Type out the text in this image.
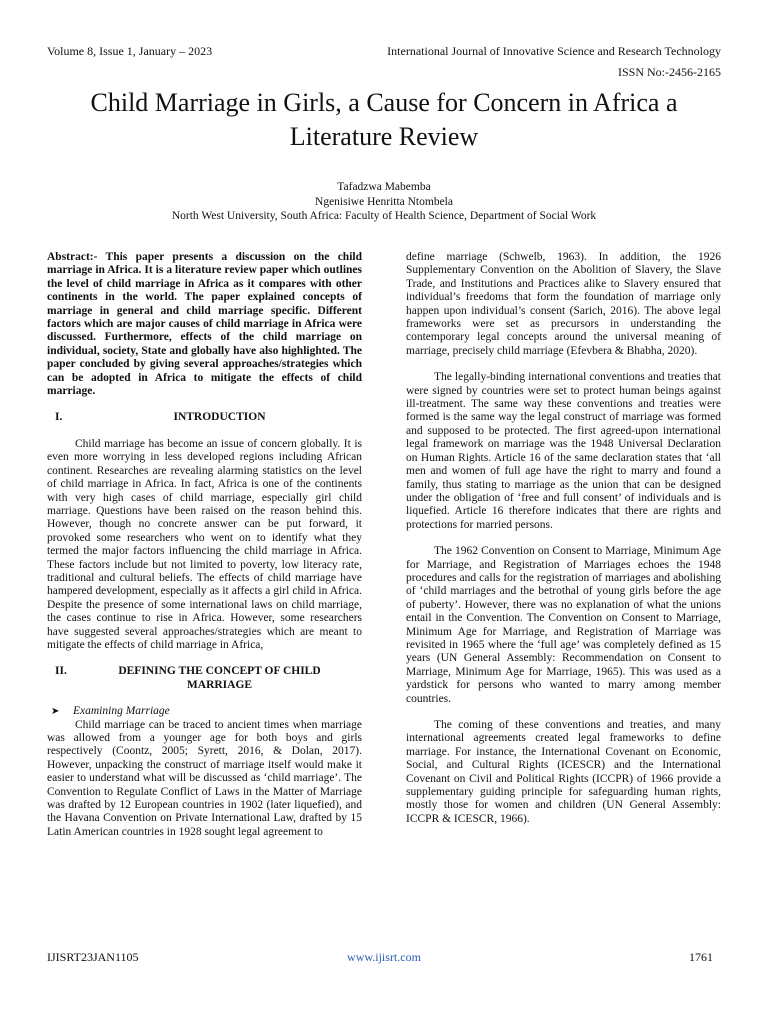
Volume 8, Issue 1, January – 2023	International Journal of Innovative Science and Research Technology
ISSN No:-2456-2165
Child Marriage in Girls, a Cause for Concern in Africa a Literature Review
Tafadzwa Mabemba
Ngenisiwe Henritta Ntombela
North West University, South Africa: Faculty of Health Science, Department of Social Work

Abstract:- This paper presents a discussion on the child marriage in Africa. It is a literature review paper which outlines the level of child marriage in Africa as it compares with other continents in the world. The paper explained concepts of marriage in general and child marriage specific. Different factors which are major causes of child marriage in Africa were discussed. Furthermore, effects of the child marriage on individual, society, State and globally have also highlighted. The paper concluded by giving several approaches/strategies which can be adopted in Africa to mitigate the effects of child marriage.

I.	INTRODUCTION

Child marriage has become an issue of concern globally. It is even more worrying in less developed regions including African continent. Researches are revealing alarming statistics on the level of child marriage in Africa. In fact, Africa is one of the continents with very high cases of child marriage, especially girl child marriage. Questions have been raised on the reason behind this. However, though no concrete answer can be put forward, it provoked some researchers who went on to identify what they termed the major factors influencing the child marriage in Africa. These factors include but not limited to poverty, low literacy rate, traditional and cultural beliefs. The effects of child marriage have hampered development, especially as it affects a girl child in Africa. Despite the presence of some international laws on child marriage, the cases continue to rise in Africa. However, some researchers have suggested several approaches/strategies which are meant to mitigate the effects of child marriage in Africa,

II.	DEFINING THE CONCEPT OF CHILD MARRIAGE
➤	Examining Marriage

Child marriage can be traced to ancient times when marriage was allowed from a younger age for both boys and girls respectively (Coontz, 2005; Syrett, 2016, & Dolan, 2017). However, unpacking the construct of marriage itself would make it easier to understand what will be discussed as ‘child marriage’. The Convention to Regulate Conflict of Laws in the Matter of Marriage was drafted by 12 European countries in 1902 (later liquefied), and the Havana Convention on Private International Law, drafted by 15 Latin American countries in 1928 sought legal agreement to

define marriage (Schwelb, 1963). In addition, the 1926 Supplementary Convention on the Abolition of Slavery, the Slave Trade, and Institutions and Practices alike to Slavery ensured that individual’s freedoms that form the foundation of marriage only happen upon individual’s consent (Sarich, 2016). The above legal frameworks were set as precursors in understanding the contemporary legal concepts around the universal meaning of marriage, precisely child marriage (Efevbera & Bhabha, 2020).

The legally-binding international conventions and treaties that were signed by countries were set to protect human beings against ill-treatment. The same way these conventions and treaties were formed is the same way the legal construct of marriage was formed and supposed to be protected. The first agreed-upon international legal framework on marriage was the 1948 Universal Declaration on Human Rights. Article 16 of the same declaration states that ‘all men and women of full age have the right to marry and found a family, thus stating to marriage as the union that can be designed under the obligation of ‘free and full consent’ of individuals and is liquefied. Article 16 therefore indicates that there are rights and protections for married persons.

The 1962 Convention on Consent to Marriage, Minimum Age for Marriage, and Registration of Marriages echoes the 1948 procedures and calls for the registration of marriages and abolishing of ‘child marriages and the betrothal of young girls before the age of puberty’. However, there was no explanation of what the unions entail in the Convention. The Convention on Consent to Marriage, Minimum Age for Marriage, and Registration of Marriage was revisited in 1965 where the ‘full age’ was completely defined as 15 years (UN General Assembly: Recommendation on Consent to Marriage, Minimum Age for Marriage, 1965). This was used as a yardstick for persons who wanted to marry among member countries.

The coming of these conventions and treaties, and many international agreements created legal frameworks to define marriage. For instance, the International Covenant on Economic, Social, and Cultural Rights (ICESCR) and the International Covenant on Civil and Political Rights (ICCPR) of 1966 provide a supplementary guiding principle for safeguarding human rights, mostly those for women and children (UN General Assembly: ICCPR & ICESCR, 1966).

IJISRT23JAN1105	www.ijisrt.com	1761
